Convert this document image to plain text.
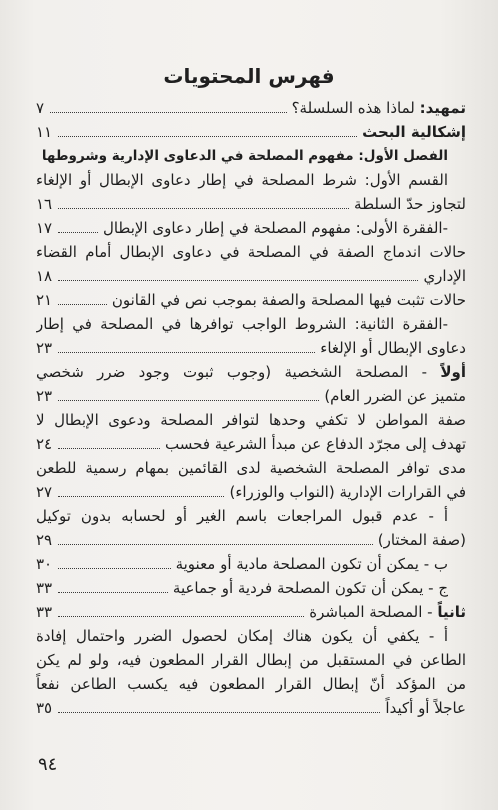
فهرس المحتويات
تمهيد: لماذا هذه السلسلة؟
٧
إشكالية البحث
١١
الفصل الأول: مفهوم المصلحة في الدعاوى الإدارية وشروطها
القسم الأول: شرط المصلحة في إطار دعاوى الإبطال أو الإلغاء
لتجاوز حدّ السلطة
١٦
-الفقرة الأولى: مفهوم المصلحة في إطار دعاوى الإبطال
١٧
حالات اندماج الصفة في المصلحة في دعاوى الإبطال أمام القضاء
الإداري
١٨
حالات تثبت فيها المصلحة والصفة بموجب نص في القانون
٢١
-الفقرة الثانية: الشروط الواجب توافرها في المصلحة في إطار
دعاوى الإبطال أو الإلغاء
٢٣
أولاً - المصلحة الشخصية (وجوب ثبوت وجود ضرر شخصي
متميز عن الضرر العام)
٢٣
صفة المواطن لا تكفي وحدها لتوافر المصلحة ودعوى الإبطال لا
تهدف إلى مجرّد الدفاع عن مبدأ الشرعية فحسب
٢٤
مدى توافر المصلحة الشخصية لدى القائمين بمهام رسمية للطعن
في القرارات الإدارية (النواب والوزراء)
٢٧
أ - عدم قبول المراجعات باسم الغير أو لحسابه بدون توكيل
(صفة المختار)
٢٩
ب - يمكن أن تكون المصلحة مادية أو معنوية
٣٠
ج - يمكن أن تكون المصلحة فردية أو جماعية
٣٣
ثانياً - المصلحة المباشرة
٣٣
أ - يكفي أن يكون هناك إمكان لحصول الضرر واحتمال إفادة
الطاعن في المستقبل من إبطال القرار المطعون فيه، ولو لم يكن
من المؤكد أنّ إبطال القرار المطعون فيه يكسب الطاعن نفعاً
عاجلاً أو أكيداً
٣٥
٩٤
